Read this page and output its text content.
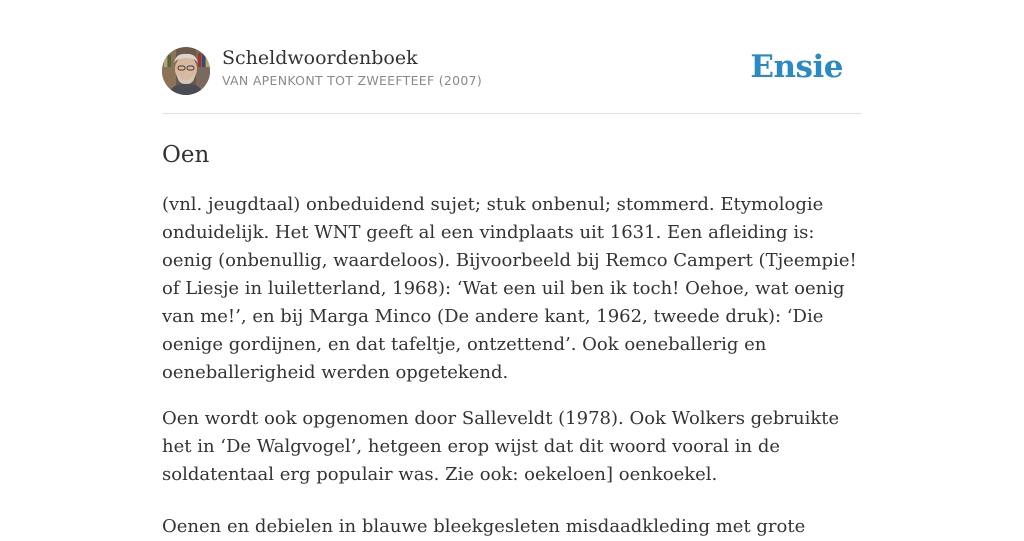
Scheldwoordenboek
VAN APENKONT TOT ZWEEFTEEF (2007)	Ensie
Oen

(vnl. jeugdtaal) onbeduidend sujet; stuk onbenul; stommerd. Etymologie onduidelijk. Het WNT geeft al een vindplaats uit 1631. Een afleiding is: oenig (onbenullig, waardeloos). Bijvoorbeeld bij Remco Campert (Tjeempie! of Liesje in luiletterland, 1968): ‘Wat een uil ben ik toch! Oehoe, wat oenig van me!’, en bij Marga Minco (De andere kant, 1962, tweede druk): ‘Die oenige gordijnen, en dat tafeltje, ontzettend’. Ook oeneballerig en oeneballerigheid werden opgetekend.

Oen wordt ook opgenomen door Salleveldt (1978). Ook Wolkers gebruikte het in ‘De Walgvogel’, hetgeen erop wijst dat dit woord vooral in de soldatentaal erg populair was. Zie ook: oekeloen] oenkoekel.

Oenen en debielen in blauwe bleekgesleten misdaadkleding met grote
